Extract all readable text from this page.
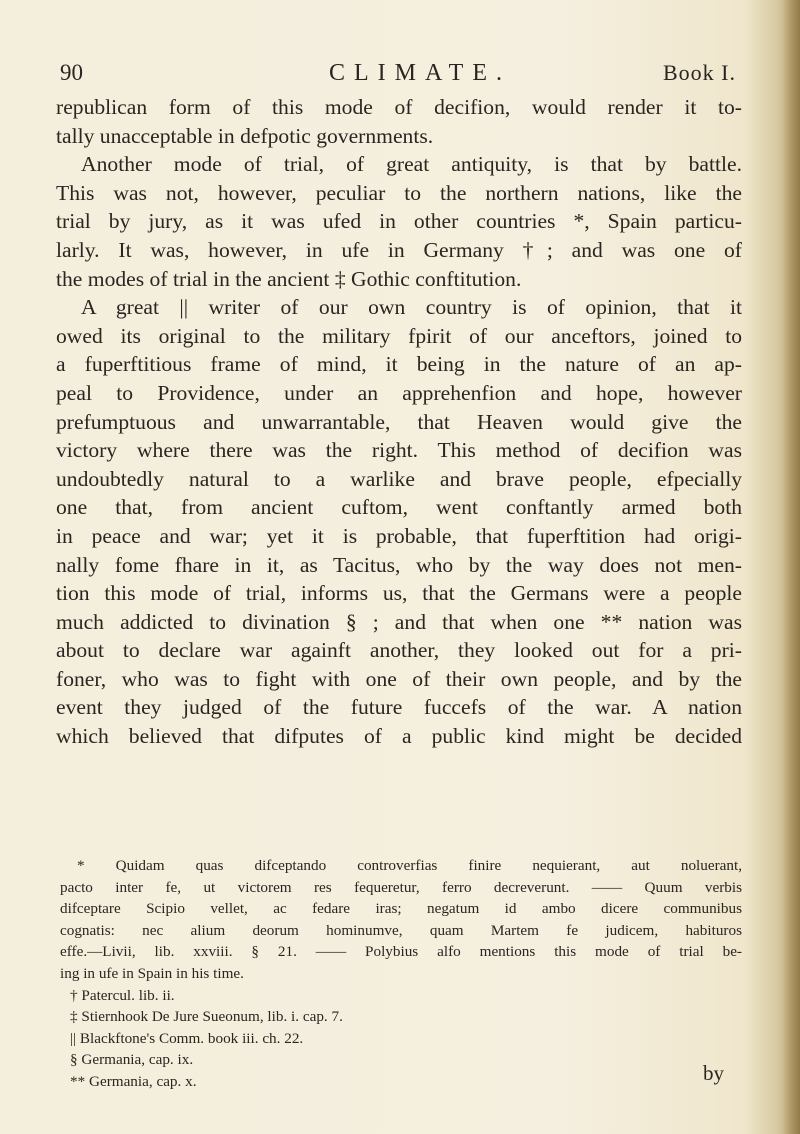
90	CLIMATE.	Book I.
republican form of this mode of decifion, would render it to-
tally unacceptable in defpotic governments.
Another mode of trial, of great antiquity, is that by battle.
This was not, however, peculiar to the northern nations, like the
trial by jury, as it was ufed in other countries *, Spain particu-
larly. It was, however, in ufe in Germany †; and was one of
the modes of trial in the ancient ‡ Gothic conftitution.
A great || writer of our own country is of opinion, that it
owed its original to the military fpirit of our anceftors, joined to
a fuperftitious frame of mind, it being in the nature of an ap-
peal to Providence, under an apprehenfion and hope, however
prefumptuous and unwarrantable, that Heaven would give the
victory where there was the right. This method of decifion was
undoubtedly natural to a warlike and brave people, efpecially
one that, from ancient cuftom, went conftantly armed both
in peace and war; yet it is probable, that fuperftition had origi-
nally fome fhare in it, as Tacitus, who by the way does not men-
tion this mode of trial, informs us, that the Germans were a people
much addicted to divination § ; and that when one ** nation was
about to declare war againft another, they looked out for a pri-
foner, who was to fight with one of their own people, and by the
event they judged of the future fuccefs of the war. A nation
which believed that difputes of a public kind might be decided
* Quidam quas difceptando controverfias finire nequierant, aut noluerant,
pacto inter fe, ut victorem res fequeretur, ferro decreverunt. —— Quum verbis
difceptare Scipio vellet, ac fedare iras; negatum id ambo dicere communibus
cognatis: nec alium deorum hominumve, quam Martem fe judicem, habituros
effe.—Livii, lib. xxviii. § 21. —— Polybius alfo mentions this mode of trial be-
ing in ufe in Spain in his time.
† Patercul. lib. ii.
‡ Stiernhook De Jure Sueonum, lib. i. cap. 7.
|| Blackftone's Comm. book iii. ch. 22.
§ Germania, cap. ix.
** Germania, cap. x.	by
